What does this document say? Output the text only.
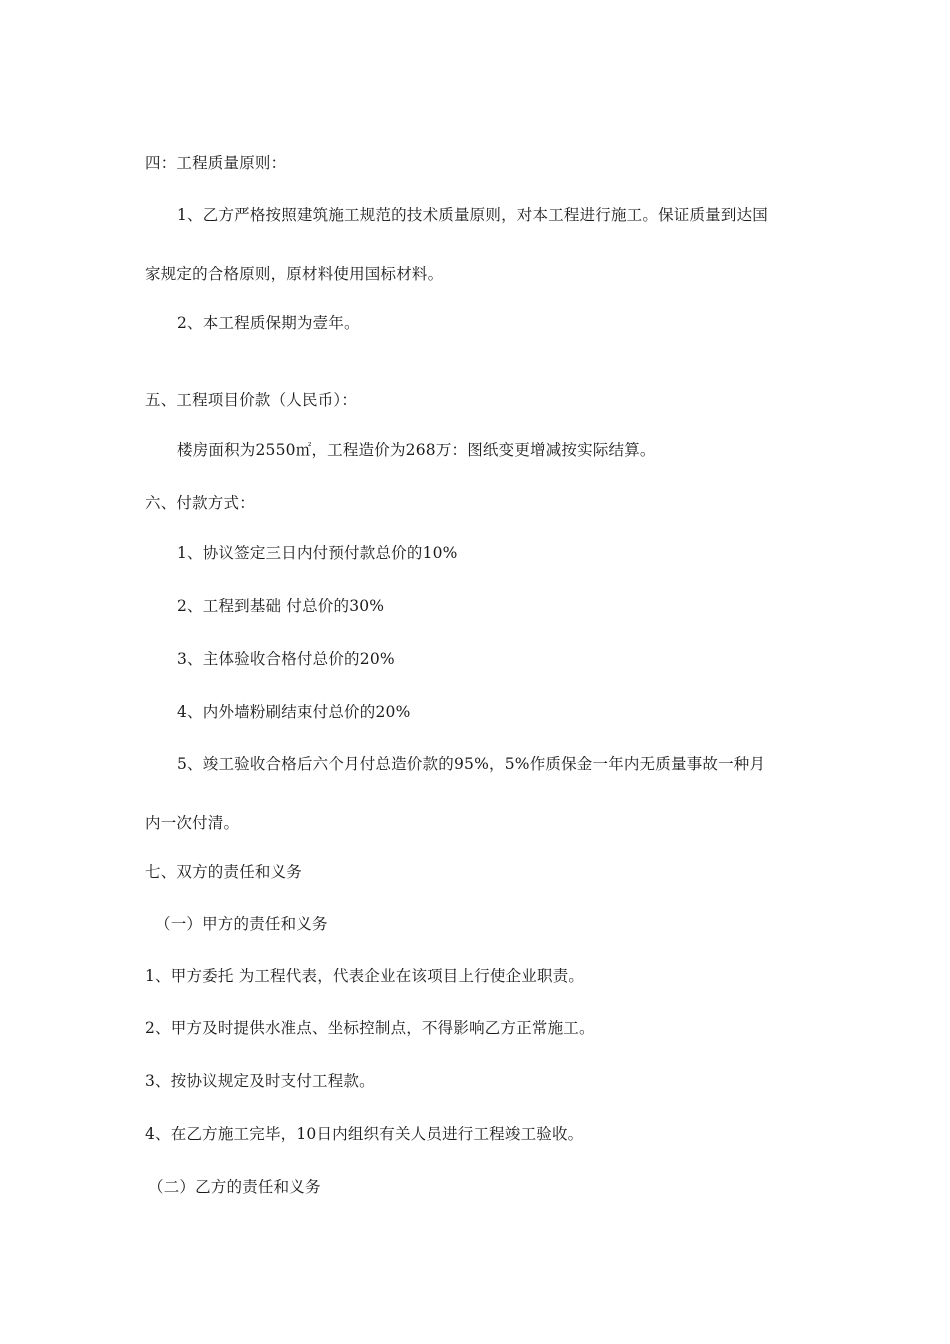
四：工程质量原则：
1、乙方严格按照建筑施工规范的技术质量原则，对本工程进行施工。保证质量到达国
家规定的合格原则，原材料使用国标材料。
2、本工程质保期为壹年。
五、工程项目价款（人民币）：
楼房面积为2550㎡，工程造价为268万：图纸变更增减按实际结算。
六、付款方式：
1、协议签定三日内付预付款总价的10%
2、工程到基础 付总价的30%
3、主体验收合格付总价的20%
4、内外墙粉刷结束付总价的20%
5、竣工验收合格后六个月付总造价款的95%，5%作质保金一年内无质量事故一种月
内一次付清。
七、双方的责任和义务
（一）甲方的责任和义务
1、甲方委托 为工程代表，代表企业在该项目上行使企业职责。
2、甲方及时提供水准点、坐标控制点，不得影响乙方正常施工。
3、按协议规定及时支付工程款。
4、在乙方施工完毕，10日内组织有关人员进行工程竣工验收。
（二）乙方的责任和义务
